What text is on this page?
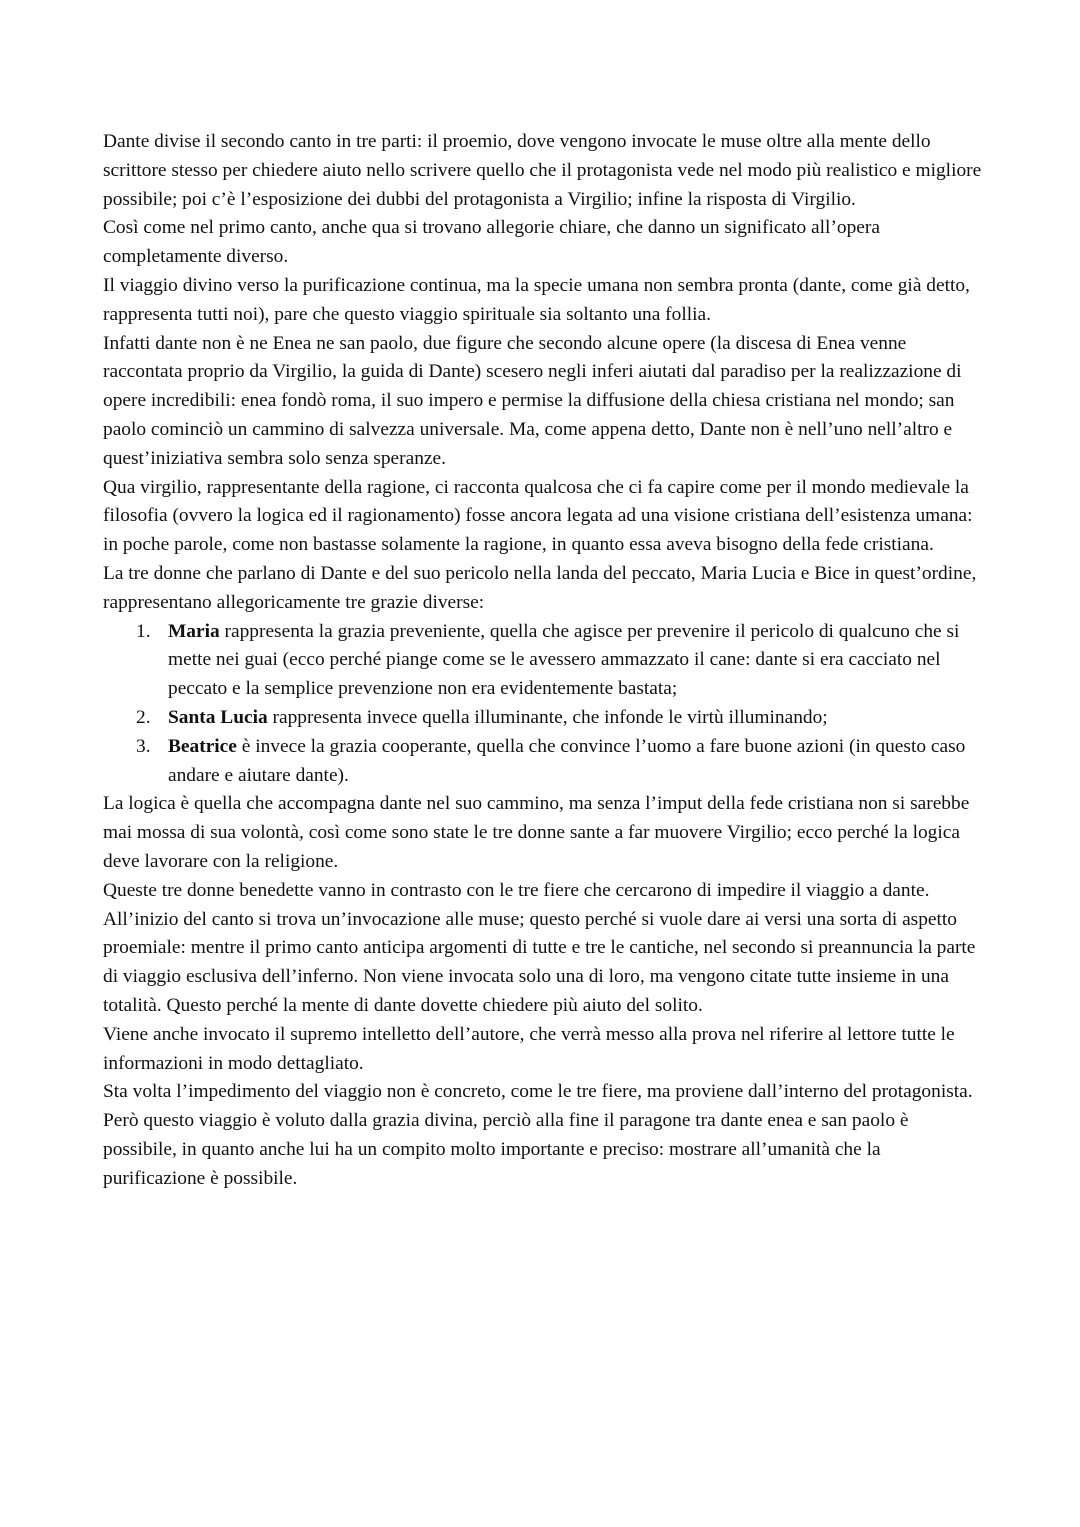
Dante divise il secondo canto in tre parti: il proemio, dove vengono invocate le muse oltre alla mente dello scrittore stesso per chiedere aiuto nello scrivere quello che il protagonista vede nel modo più realistico e migliore possibile; poi c’è l’esposizione dei dubbi del protagonista a Virgilio; infine la risposta di Virgilio.

Così come nel primo canto, anche qua si trovano allegorie chiare, che danno un significato all’opera completamente diverso.

Il viaggio divino verso la purificazione continua, ma la specie umana non sembra pronta (dante, come già detto, rappresenta tutti noi), pare che questo viaggio spirituale sia soltanto una follia.

Infatti dante non è ne Enea ne san paolo, due figure che secondo alcune opere (la discesa di Enea venne raccontata proprio da Virgilio, la guida di Dante) scesero negli inferi aiutati dal paradiso per la realizzazione di opere incredibili: enea fondò roma, il suo impero e permise la diffusione della chiesa cristiana nel mondo; san paolo cominciò un cammino di salvezza universale. Ma, come appena detto, Dante non è nell’uno nell’altro e quest’iniziativa sembra solo senza speranze.

Qua virgilio, rappresentante della ragione, ci racconta qualcosa che ci fa capire come per il mondo medievale la filosofia (ovvero la logica ed il ragionamento) fosse ancora legata ad una visione cristiana dell’esistenza umana: in poche parole, come non bastasse solamente la ragione, in quanto essa aveva bisogno della fede cristiana.

La tre donne che parlano di Dante e del suo pericolo nella landa del peccato, Maria Lucia e Bice in quest’ordine, rappresentano allegoricamente tre grazie diverse:

1. Maria rappresenta la grazia preveniente, quella che agisce per prevenire il pericolo di qualcuno che si mette nei guai (ecco perché piange come se le avessero ammazzato il cane: dante si era cacciato nel peccato e la semplice prevenzione non era evidentemente bastata;
2. Santa Lucia rappresenta invece quella illuminante, che infonde le virtù illuminando;
3. Beatrice è invece la grazia cooperante, quella che convince l’uomo a fare buone azioni (in questo caso andare e aiutare dante).

La logica è quella che accompagna dante nel suo cammino, ma senza l’imput della fede cristiana non si sarebbe mai mossa di sua volontà, così come sono state le tre donne sante a far muovere Virgilio; ecco perché la logica deve lavorare con la religione.

Queste tre donne benedette vanno in contrasto con le tre fiere che cercarono di impedire il viaggio a dante.

All’inizio del canto si trova un’invocazione alle muse; questo perché si vuole dare ai versi una sorta di aspetto proemiale: mentre il primo canto anticipa argomenti di tutte e tre le cantiche, nel secondo si preannuncia la parte di viaggio esclusiva dell’inferno. Non viene invocata solo una di loro, ma vengono citate tutte insieme in una totalità. Questo perché la mente di dante dovette chiedere più aiuto del solito.

Viene anche invocato il supremo intelletto dell’autore, che verrà messo alla prova nel riferire al lettore tutte le informazioni in modo dettagliato.

Sta volta l’impedimento del viaggio non è concreto, come le tre fiere, ma proviene dall’interno del protagonista.

Però questo viaggio è voluto dalla grazia divina, perciò alla fine il paragone tra dante enea e san paolo è possibile, in quanto anche lui ha un compito molto importante e preciso: mostrare all’umanità che la purificazione è possibile.
